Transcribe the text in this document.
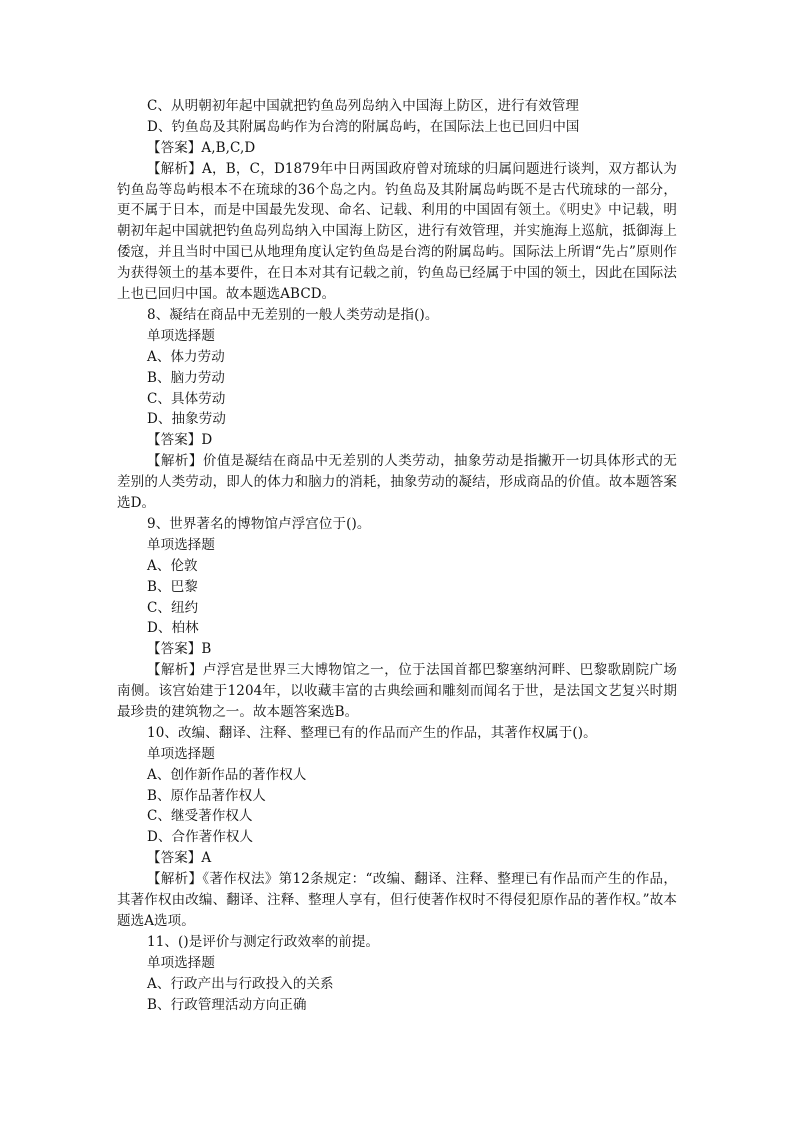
C、从明朝初年起中国就把钓鱼岛列岛纳入中国海上防区，进行有效管理
D、钓鱼岛及其附属岛屿作为台湾的附属岛屿，在国际法上也已回归中国
【答案】A,B,C,D
【解析】A，B，C，D1879年中日两国政府曾对琉球的归属问题进行谈判，双方都认为钓鱼岛等岛屿根本不在琉球的36个岛之内。钓鱼岛及其附属岛屿既不是古代琉球的一部分，更不属于日本，而是中国最先发现、命名、记载、利用的中国固有领土。《明史》中记载，明朝初年起中国就把钓鱼岛列岛纳入中国海上防区，进行有效管理，并实施海上巡航，抵御海上倭寇，并且当时中国已从地理角度认定钓鱼岛是台湾的附属岛屿。国际法上所谓“先占”原则作为获得领土的基本要件，在日本对其有记载之前，钓鱼岛已经属于中国的领土，因此在国际法上也已回归中国。故本题选ABCD。
8、凝结在商品中无差别的一般人类劳动是指()。
单项选择题
A、体力劳动
B、脑力劳动
C、具体劳动
D、抽象劳动
【答案】D
【解析】价值是凝结在商品中无差别的人类劳动，抽象劳动是指撇开一切具体形式的无差别的人类劳动，即人的体力和脑力的消耗，抽象劳动的凝结，形成商品的价值。故本题答案选D。
9、世界著名的博物馆卢浮宫位于()。
单项选择题
A、伦敦
B、巴黎
C、纽约
D、柏林
【答案】B
【解析】卢浮宫是世界三大博物馆之一，位于法国首都巴黎塞纳河畔、巴黎歌剧院广场南侧。该宫始建于1204年，以收藏丰富的古典绘画和雕刻而闻名于世，是法国文艺复兴时期最珍贵的建筑物之一。故本题答案选B。
10、改编、翻译、注释、整理已有的作品而产生的作品，其著作权属于()。
单项选择题
A、创作新作品的著作权人
B、原作品著作权人
C、继受著作权人
D、合作著作权人
【答案】A
【解析】《著作权法》第12条规定：“改编、翻译、注释、整理已有作品而产生的作品，其著作权由改编、翻译、注释、整理人享有，但行使著作权时不得侵犯原作品的著作权。”故本题选A选项。
11、()是评价与测定行政效率的前提。
单项选择题
A、行政产出与行政投入的关系
B、行政管理活动方向正确
